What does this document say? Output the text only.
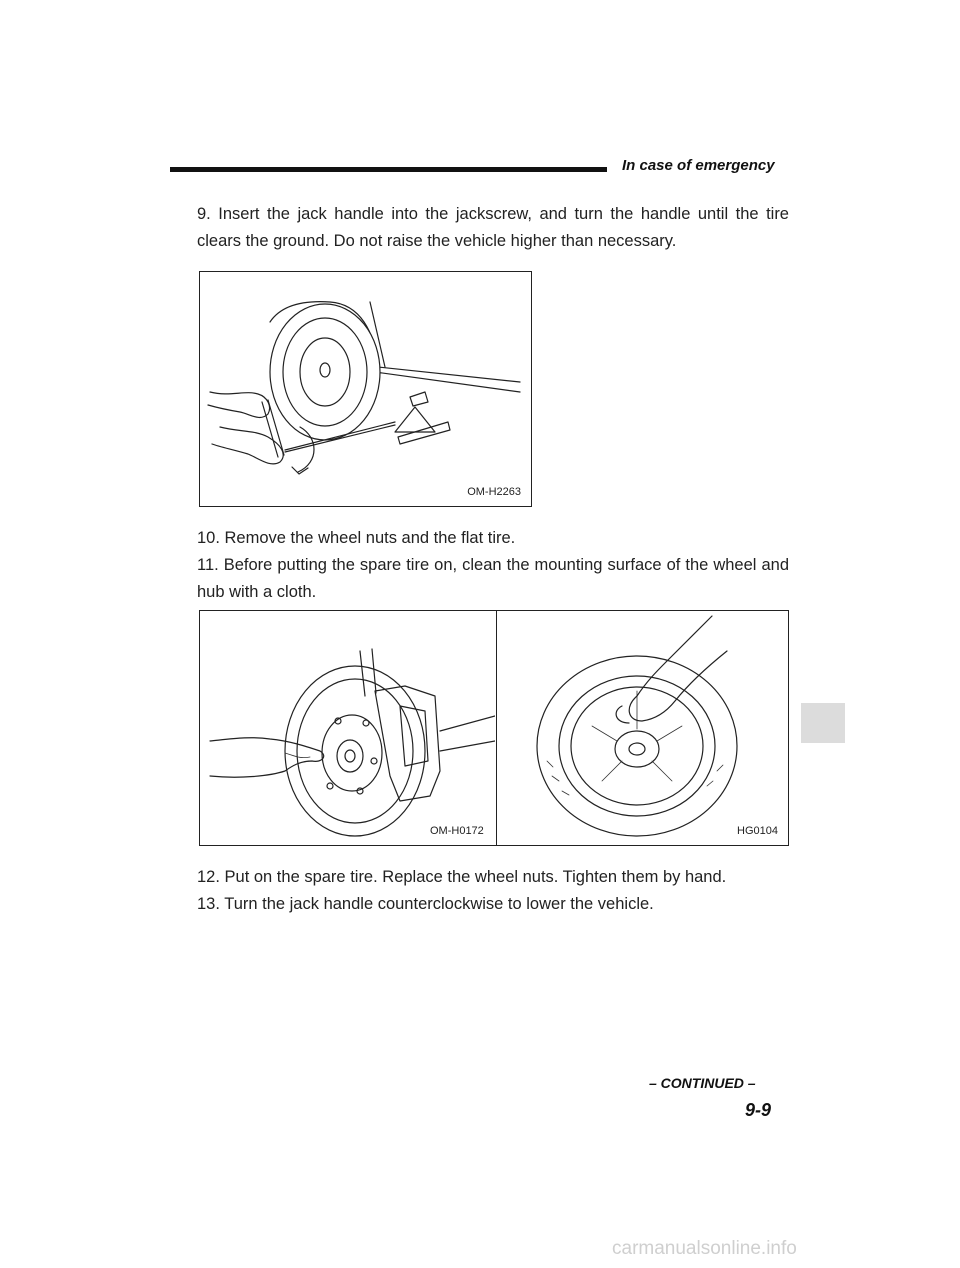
In case of emergency
9. Insert the jack handle into the jackscrew, and turn the handle until the tire clears the ground. Do not raise the vehicle higher than necessary.
OM-H2263
10. Remove the wheel nuts and the flat tire.
11. Before putting the spare tire on, clean the mounting surface of the wheel and hub with a cloth.
OM-H0172	HG0104
12. Put on the spare tire. Replace the wheel nuts. Tighten them by hand.
13. Turn the jack handle counterclockwise to lower the vehicle.
– CONTINUED –
9-9
carmanualsonline.info
